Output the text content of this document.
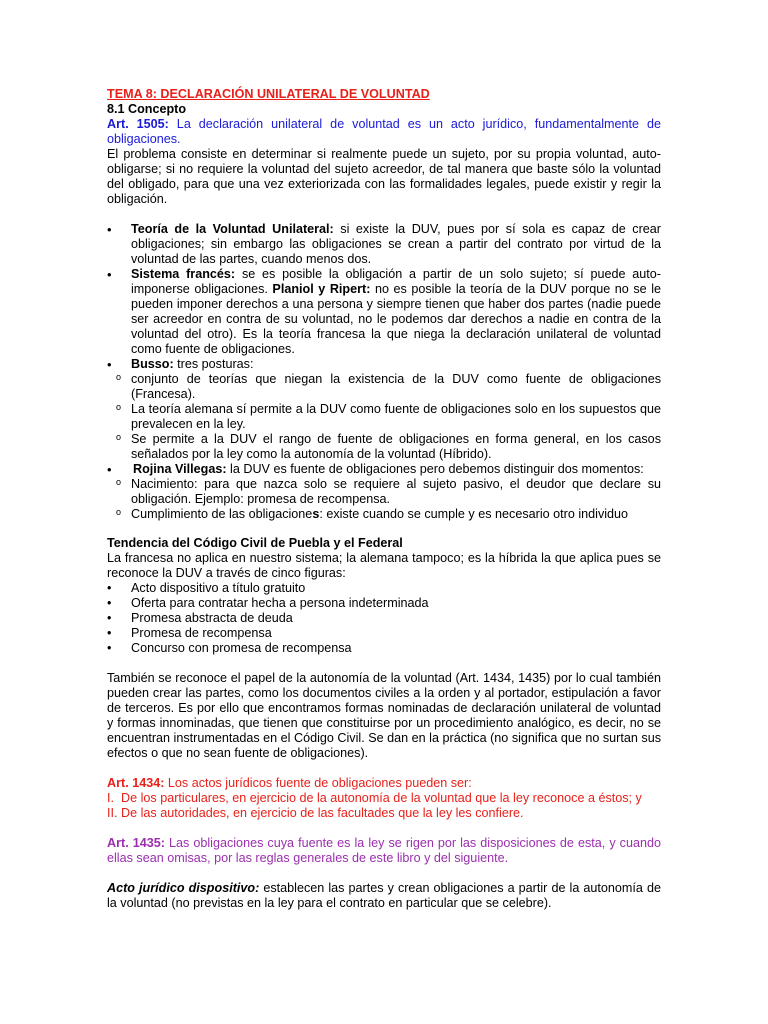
TEMA 8: DECLARACIÓN UNILATERAL DE VOLUNTAD

8.1 Concepto

Art. 1505: La declaración unilateral de voluntad es un acto jurídico, fundamentalmente de obligaciones.

El problema consiste en determinar si realmente puede un sujeto, por su propia voluntad, auto-obligarse; si no requiere la voluntad del sujeto acreedor, de tal manera que baste sólo la voluntad del obligado, para que una vez exteriorizada con las formalidades legales, puede existir y regir la obligación.

• Teoría de la Voluntad Unilateral: si existe la DUV, pues por sí sola es capaz de crear obligaciones; sin embargo las obligaciones se crean a partir del contrato por virtud de la voluntad de las partes, cuando menos dos.
• Sistema francés: se es posible la obligación a partir de un solo sujeto; sí puede auto-imponerse obligaciones. Planiol y Ripert: no es posible la teoría de la DUV porque no se le pueden imponer derechos a una persona y siempre tienen que haber dos partes (nadie puede ser acreedor en contra de su voluntad, no le podemos dar derechos a nadie en contra de la voluntad del otro). Es la teoría francesa la que niega la declaración unilateral de voluntad como fuente de obligaciones.
• Busso: tres posturas:
o conjunto de teorías que niegan la existencia de la DUV como fuente de obligaciones (Francesa).
o La teoría alemana sí permite a la DUV como fuente de obligaciones solo en los supuestos que prevalecen en la ley.
o Se permite a la DUV el rango de fuente de obligaciones en forma general, en los casos señalados por la ley como la autonomía de la voluntad (Híbrido).
• Rojina Villegas: la DUV es fuente de obligaciones pero debemos distinguir dos momentos:
o Nacimiento: para que nazca solo se requiere al sujeto pasivo, el deudor que declare su obligación. Ejemplo: promesa de recompensa.
o Cumplimiento de las obligaciones: existe cuando se cumple y es necesario otro individuo

Tendencia del Código Civil de Puebla y el Federal

La francesa no aplica en nuestro sistema; la alemana tampoco; es la híbrida la que aplica pues se reconoce la DUV a través de cinco figuras:

• Acto dispositivo a título gratuito
• Oferta para contratar hecha a persona indeterminada
• Promesa abstracta de deuda
• Promesa de recompensa
• Concurso con promesa de recompensa

También se reconoce el papel de la autonomía de la voluntad (Art. 1434, 1435) por lo cual también pueden crear las partes, como los documentos civiles a la orden y al portador, estipulación a favor de terceros. Es por ello que encontramos formas nominadas de declaración unilateral de voluntad y formas innominadas, que tienen que constituirse por un procedimiento analógico, es decir, no se encuentran instrumentadas en el Código Civil. Se dan en la práctica (no significa que no surtan sus efectos o que no sean fuente de obligaciones).

Art. 1434: Los actos jurídicos fuente de obligaciones pueden ser:

I. De los particulares, en ejercicio de la autonomía de la voluntad que la ley reconoce a éstos; y

II. De las autoridades, en ejercicio de las facultades que la ley les confiere.

Art. 1435: Las obligaciones cuya fuente es la ley se rigen por las disposiciones de esta, y cuando ellas sean omisas, por las reglas generales de este libro y del siguiente.

Acto jurídico dispositivo: establecen las partes y crean obligaciones a partir de la autonomía de la voluntad (no previstas en la ley para el contrato en particular que se celebre).
